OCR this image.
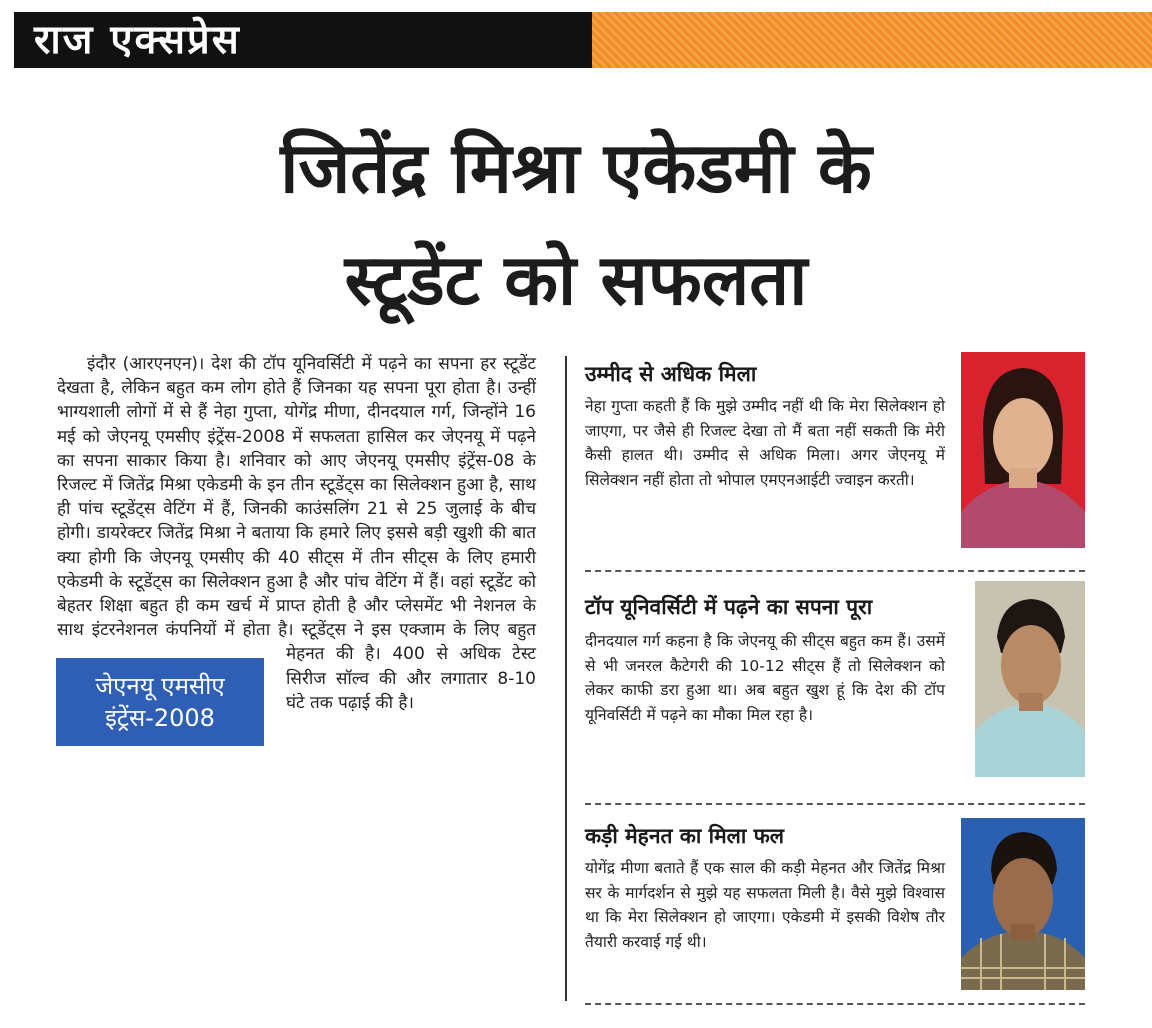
राज एक्सप्रेस
जितेंद्र मिश्रा एकेडमी के
स्टूडेंट को सफलता
जेएनयू एमसीए
इंट्रेंस-2008

इंदौर (आरएनएन)। देश की टॉप यूनिवर्सिटी में पढ़ने का सपना हर स्टूडेंट देखता है, लेकिन बहुत कम लोग होते हैं जिनका यह सपना पूरा होता है। उन्हीं भाग्यशाली लोगों में से हैं नेहा गुप्ता, योगेंद्र मीणा, दीनदयाल गर्ग, जिन्होंने 16 मई को जेएनयू एमसीए इंट्रेंस-2008 में सफलता हासिल कर जेएनयू में पढ़ने का सपना साकार किया है। शनिवार को आए जेएनयू एमसीए इंट्रेंस-08 के रिजल्ट में जितेंद्र मिश्रा एकेडमी के इन तीन स्टूडेंट्स का सिलेक्शन हुआ है, साथ ही पांच स्टूडेंट्स वेटिंग में हैं, जिनकी काउंसलिंग 21 से 25 जुलाई के बीच होगी। डायरेक्टर जितेंद्र मिश्रा ने बताया कि हमारे लिए इससे बड़ी खुशी की बात क्या होगी कि जेएनयू एमसीए की 40 सीट्स में तीन सीट्स के लिए हमारी एकेडमी के स्टूडेंट्स का सिलेक्शन हुआ है और पांच वेटिंग में हैं। वहां स्टूडेंट को बेहतर शिक्षा बहुत ही कम खर्च में प्राप्त होती है और प्लेसमेंट भी नेशनल के साथ इंटरनेशनल कंपनियों में होता है। स्टूडेंट्स ने इस एक्जाम के लिए बहुत मेहनत की है। 400 से अधिक टेस्ट सिरीज सॉल्व की और लगातार 8-10 घंटे तक पढ़ाई की है।

उम्मीद से अधिक मिला

नेहा गुप्ता कहती हैं कि मुझे उम्मीद नहीं थी कि मेरा सिलेक्शन हो जाएगा, पर जैसे ही रिजल्ट देखा तो मैं बता नहीं सकती कि मेरी कैसी हालत थी। उम्मीद से अधिक मिला। अगर जेएनयू में सिलेक्शन नहीं होता तो भोपाल एमएनआईटी ज्वाइन करती।

टॉप यूनिवर्सिटी में पढ़ने का सपना पूरा

दीनदयाल गर्ग कहना है कि जेएनयू की सीट्स बहुत कम हैं। उसमें से भी जनरल कैटेगरी की 10-12 सीट्स हैं तो सिलेक्शन को लेकर काफी डरा हुआ था। अब बहुत खुश हूं कि देश की टॉप यूनिवर्सिटी में पढ़ने का मौका मिल रहा है।

कड़ी मेहनत का मिला फल

योगेंद्र मीणा बताते हैं एक साल की कड़ी मेहनत और जितेंद्र मिश्रा सर के मार्गदर्शन से मुझे यह सफलता मिली है। वैसे मुझे विश्वास था कि मेरा सिलेक्शन हो जाएगा। एकेडमी में इसकी विशेष तौर तैयारी करवाई गई थी।
